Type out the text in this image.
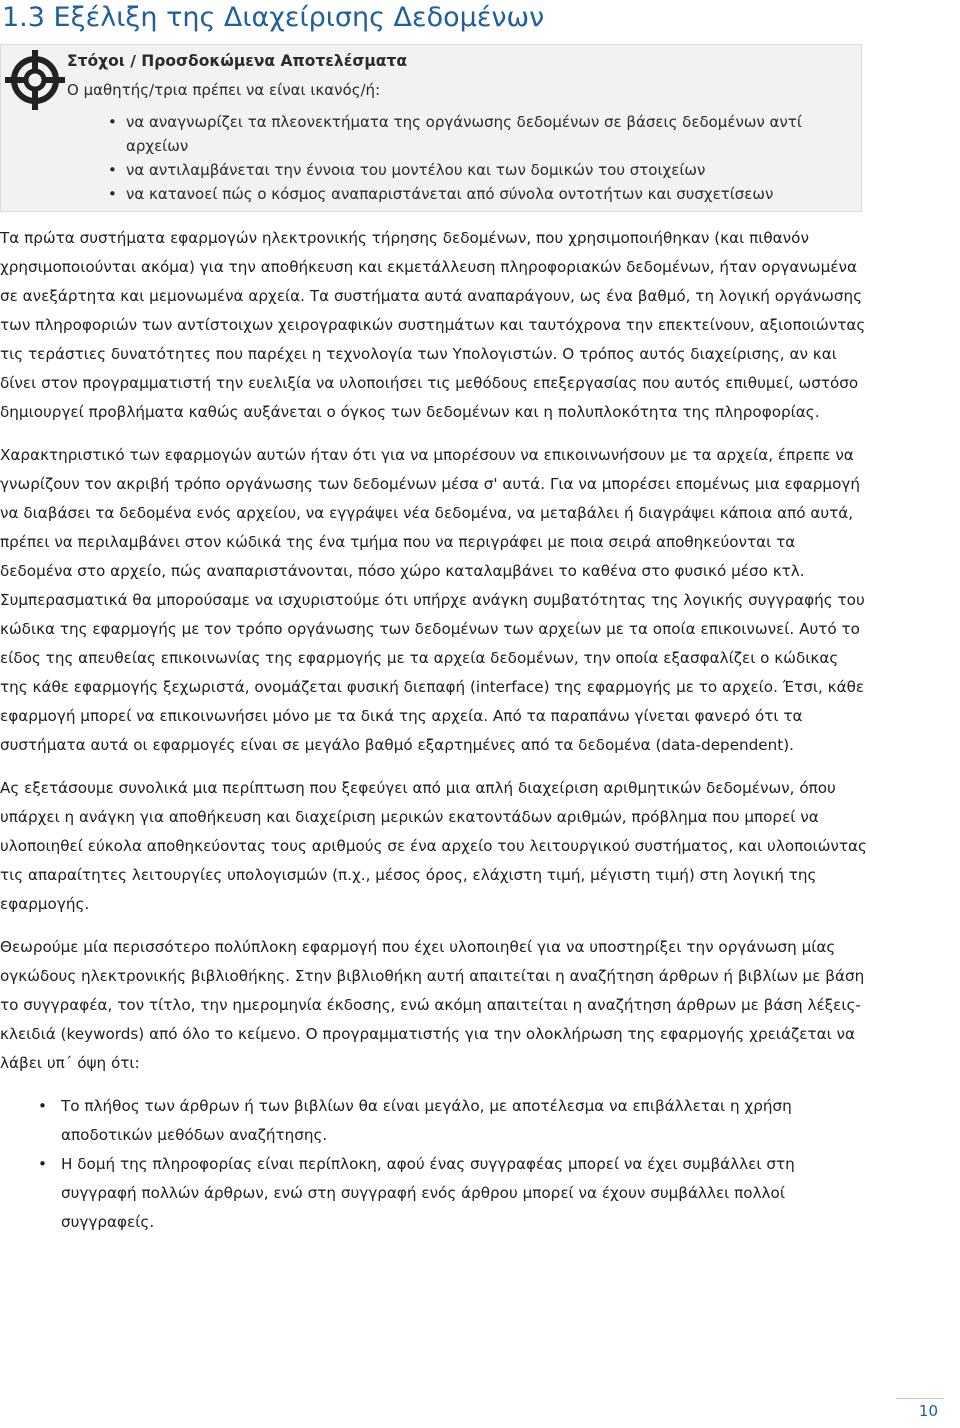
1.3 Εξέλιξη της Διαχείρισης Δεδομένων
Στόχοι / Προσδοκώμενα Αποτελέσματα
Ο μαθητής/τρια πρέπει να είναι ικανός/ή:
• να αναγνωρίζει τα πλεονεκτήματα της οργάνωσης δεδομένων σε βάσεις δεδομένων αντί αρχείων
• να αντιλαμβάνεται την έννοια του μοντέλου και των δομικών του στοιχείων
• να κατανοεί πώς ο κόσμος αναπαριστάνεται από σύνολα οντοτήτων και συσχετίσεων

Τα πρώτα συστήματα εφαρμογών ηλεκτρονικής τήρησης δεδομένων, που χρησιμοποιήθηκαν (και πιθανόν χρησιμοποιούνται ακόμα) για την αποθήκευση και εκμετάλλευση πληροφοριακών δεδομένων, ήταν οργανωμένα σε ανεξάρτητα και μεμονωμένα αρχεία. Τα συστήματα αυτά αναπαράγουν, ως ένα βαθμό, τη λογική οργάνωσης των πληροφοριών των αντίστοιχων χειρογραφικών συστημάτων και ταυτόχρονα την επεκτείνουν, αξιοποιώντας τις τεράστιες δυνατότητες που παρέχει η τεχνολογία των Υπολογιστών. Ο τρόπος αυτός διαχείρισης, αν και δίνει στον προγραμματιστή την ευελιξία να υλοποιήσει τις μεθόδους επεξεργασίας που αυτός επιθυμεί, ωστόσο δημιουργεί προβλήματα καθώς αυξάνεται ο όγκος των δεδομένων και η πολυπλοκότητα της πληροφορίας.

Χαρακτηριστικό των εφαρμογών αυτών ήταν ότι για να μπορέσουν να επικοινωνήσουν με τα αρχεία, έπρεπε να γνωρίζουν τον ακριβή τρόπο οργάνωσης των δεδομένων μέσα σ' αυτά. Για να μπορέσει επομένως μια εφαρμογή να διαβάσει τα δεδομένα ενός αρχείου, να εγγράψει νέα δεδομένα, να μεταβάλει ή διαγράψει κάποια από αυτά, πρέπει να περιλαμβάνει στον κώδικά της ένα τμήμα που να περιγράφει με ποια σειρά αποθηκεύονται τα δεδομένα στο αρχείο, πώς αναπαριστάνονται, πόσο χώρο καταλαμβάνει το καθένα στο φυσικό μέσο κτλ. Συμπερασματικά θα μπορούσαμε να ισχυριστούμε ότι υπήρχε ανάγκη συμβατότητας της λογικής συγγραφής του κώδικα της εφαρμογής με τον τρόπο οργάνωσης των δεδομένων των αρχείων με τα οποία επικοινωνεί. Αυτό το είδος της απευθείας επικοινωνίας της εφαρμογής με τα αρχεία δεδομένων, την οποία εξασφαλίζει ο κώδικας της κάθε εφαρμογής ξεχωριστά, ονομάζεται φυσική διεπαφή (interface) της εφαρμογής με το αρχείο. Έτσι, κάθε εφαρμογή μπορεί να επικοινωνήσει μόνο με τα δικά της αρχεία. Από τα παραπάνω γίνεται φανερό ότι τα συστήματα αυτά οι εφαρμογές είναι σε μεγάλο βαθμό εξαρτημένες από τα δεδομένα (data-dependent).

Ας εξετάσουμε συνολικά μια περίπτωση που ξεφεύγει από μια απλή διαχείριση αριθμητικών δεδομένων, όπου υπάρχει η ανάγκη για αποθήκευση και διαχείριση μερικών εκατοντάδων αριθμών, πρόβλημα που μπορεί να υλοποιηθεί εύκολα αποθηκεύοντας τους αριθμούς σε ένα αρχείο του λειτουργικού συστήματος, και υλοποιώντας τις απαραίτητες λειτουργίες υπολογισμών (π.χ., μέσος όρος, ελάχιστη τιμή, μέγιστη τιμή) στη λογική της εφαρμογής.

Θεωρούμε μία περισσότερο πολύπλοκη εφαρμογή που έχει υλοποιηθεί για να υποστηρίξει την οργάνωση μίας ογκώδους ηλεκτρονικής βιβλιοθήκης. Στην βιβλιοθήκη αυτή απαιτείται η αναζήτηση άρθρων ή βιβλίων με βάση το συγγραφέα, τον τίτλο, την ημερομηνία έκδοσης, ενώ ακόμη απαιτείται η αναζήτηση άρθρων με βάση λέξεις-κλειδιά (keywords) από όλο το κείμενο. Ο προγραμματιστής για την ολοκλήρωση της εφαρμογής χρειάζεται να λάβει υπ΄ όψη ότι:

• Το πλήθος των άρθρων ή των βιβλίων θα είναι μεγάλο, με αποτέλεσμα να επιβάλλεται η χρήση αποδοτικών μεθόδων αναζήτησης.
• Η δομή της πληροφορίας είναι περίπλοκη, αφού ένας συγγραφέας μπορεί να έχει συμβάλλει στη συγγραφή πολλών άρθρων, ενώ στη συγγραφή ενός άρθρου μπορεί να έχουν συμβάλλει πολλοί συγγραφείς.
10
